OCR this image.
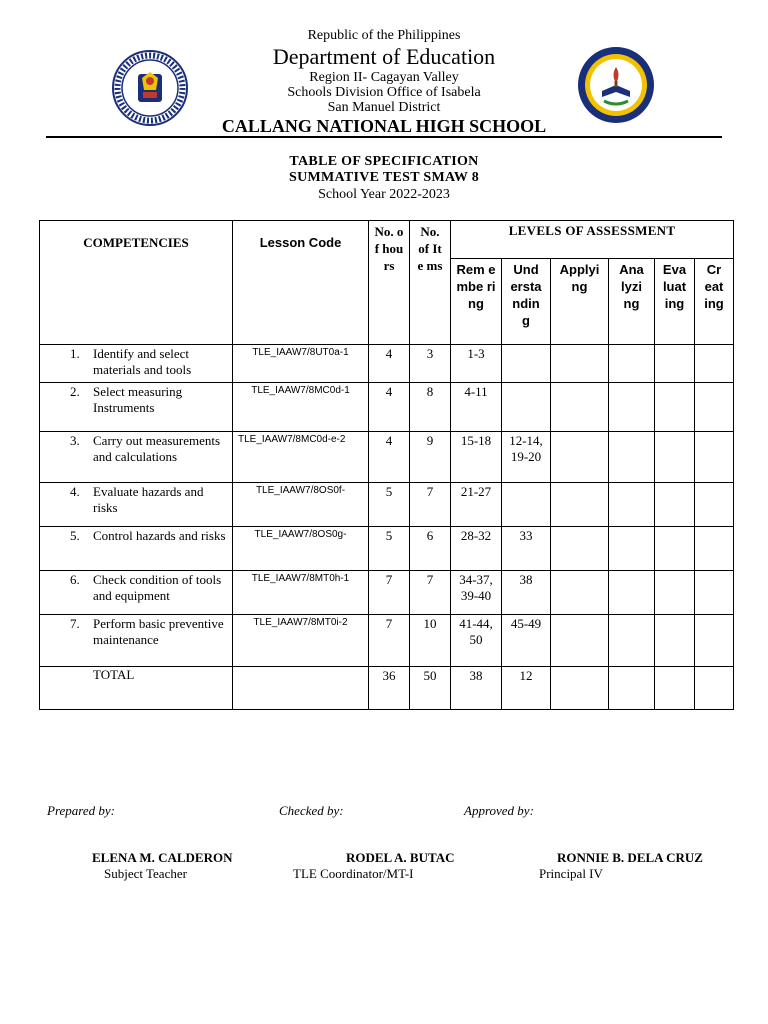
Republic of the Philippines
Department of Education
Region II- Cagayan Valley
Schools Division Office of Isabela
San Manuel District
CALLANG NATIONAL HIGH SCHOOL
TABLE OF SPECIFICATION
SUMMATIVE TEST SMAW 8
School Year 2022-2023
COMPETENCIES	Lesson Code	No. of hou rs	No. of Ite ms	LEVELS OF ASSESSMENT					

				Rem embe ring	Und ersta ndin g	Applyi ng	Ana lyzi ng	Eva luat ing	Cr eat ing

1. Identify and select materials and tools	TLE_IAAW7/8UT0a-1	4	3	1-3					

2. Select measuring Instruments	TLE_IAAW7/8MC0d-1	4	8	4-11					

3. Carry out measurements and calculations	TLE_IAAW7/8MC0d-e-2	4	9	15-18	12-14, 19-20				

4. Evaluate hazards and risks	TLE_IAAW7/8OS0f-	5	7	21-27					

5. Control hazards and risks	TLE_IAAW7/8OS0g-	5	6	28-32	33				

6. Check condition of tools and equipment	TLE_IAAW7/8MT0h-1	7	7	34-37, 39-40	38				

7. Perform basic preventive maintenance	TLE_IAAW7/8MT0i-2	7	10	41-44,50	45-49				
TOTAL		36	50	38	12				
Prepared by:	Checked by:	Approved by:
ELENA M. CALDERON	RODEL A. BUTAC	RONNIE B. DELA CRUZ
Subject Teacher	TLE Coordinator/MT-I	Principal IV
